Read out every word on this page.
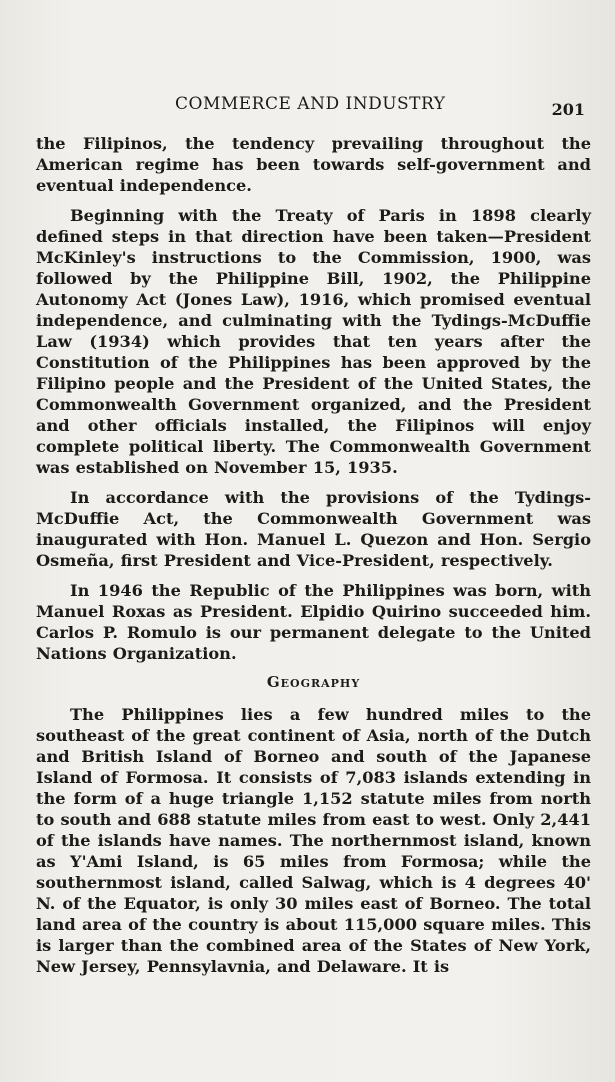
COMMERCE AND INDUSTRY	201

the Filipinos, the tendency prevailing throughout the American regime has been towards self-government and eventual independence.

Beginning with the Treaty of Paris in 1898 clearly defined steps in that direction have been taken—President McKinley's instructions to the Commission, 1900, was followed by the Philippine Bill, 1902, the Philippine Autonomy Act (Jones Law), 1916, which promised eventual independence, and culminating with the Tydings-McDuffie Law (1934) which provides that ten years after the Constitution of the Philippines has been approved by the Filipino people and the President of the United States, the Commonwealth Government organized, and the President and other officials installed, the Filipinos will enjoy complete political liberty. The Commonwealth Government was established on November 15, 1935.

In accordance with the provisions of the Tydings-McDuffie Act, the Commonwealth Government was inaugurated with Hon. Manuel L. Quezon and Hon. Sergio Osmeña, first President and Vice-President, respectively.

In 1946 the Republic of the Philippines was born, with Manuel Roxas as President. Elpidio Quirino succeeded him. Carlos P. Romulo is our permanent delegate to the United Nations Organization.

Geography

The Philippines lies a few hundred miles to the southeast of the great continent of Asia, north of the Dutch and British Island of Borneo and south of the Japanese Island of Formosa. It consists of 7,083 islands extending in the form of a huge triangle 1,152 statute miles from north to south and 688 statute miles from east to west. Only 2,441 of the islands have names. The northernmost island, known as Y'Ami Island, is 65 miles from Formosa; while the southernmost island, called Salwag, which is 4 degrees 40' N. of the Equator, is only 30 miles east of Borneo. The total land area of the country is about 115,000 square miles. This is larger than the combined area of the States of New York, New Jersey, Pennsylavnia, and Delaware. It is
